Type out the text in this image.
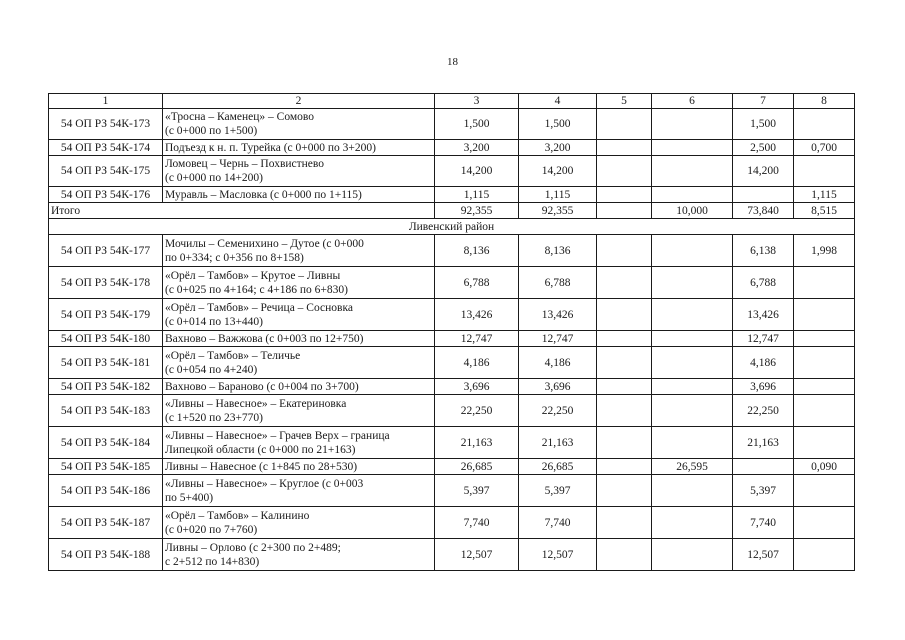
18
1	2	3	4	5	6	7	8
54 ОП РЗ 54К-173	«Тросна – Каменец» – Сомово
(с 0+000 по 1+500)	1,500	1,500			1,500	
54 ОП РЗ 54К-174	Подъезд к н. п. Турейка (с 0+000 по 3+200)	3,200	3,200			2,500	0,700
54 ОП РЗ 54К-175	Ломовец – Чернь – Похвистнево
(с 0+000 по 14+200)	14,200	14,200			14,200	
54 ОП РЗ 54К-176	Муравль – Масловка (с 0+000 по 1+115)	1,115	1,115				1,115
Итого		92,355	92,355		10,000	73,840	8,515
Ливенский район							
54 ОП РЗ 54К-177	Мочилы – Семенихино – Дутое (с 0+000
по 0+334; с 0+356 по 8+158)	8,136	8,136			6,138	1,998
54 ОП РЗ 54К-178	«Орёл – Тамбов» – Крутое – Ливны
(с 0+025 по 4+164; с 4+186 по 6+830)	6,788	6,788			6,788	
54 ОП РЗ 54К-179	«Орёл – Тамбов» – Речица – Сосновка
(с 0+014 по 13+440)	13,426	13,426			13,426	
54 ОП РЗ 54К-180	Вахново – Важжова (с 0+003 по 12+750)	12,747	12,747			12,747	
54 ОП РЗ 54К-181	«Орёл – Тамбов» – Теличье
(с 0+054 по 4+240)	4,186	4,186			4,186	
54 ОП РЗ 54К-182	Вахново – Бараново (с 0+004 по 3+700)	3,696	3,696			3,696	
54 ОП РЗ 54К-183	«Ливны – Навесное» – Екатериновка
(с 1+520 по 23+770)	22,250	22,250			22,250	
54 ОП РЗ 54К-184	«Ливны – Навесное» – Грачев Верх – граница
Липецкой области (с 0+000 по 21+163)	21,163	21,163			21,163	
54 ОП РЗ 54К-185	Ливны – Навесное (с 1+845 по 28+530)	26,685	26,685		26,595		0,090
54 ОП РЗ 54К-186	«Ливны – Навесное» – Круглое (с 0+003
по 5+400)	5,397	5,397			5,397	
54 ОП РЗ 54К-187	«Орёл – Тамбов» – Калинино
(с 0+020 по 7+760)	7,740	7,740			7,740	
54 ОП РЗ 54К-188	Ливны – Орлово (с 2+300 по 2+489;
с 2+512 по 14+830)	12,507	12,507			12,507	
